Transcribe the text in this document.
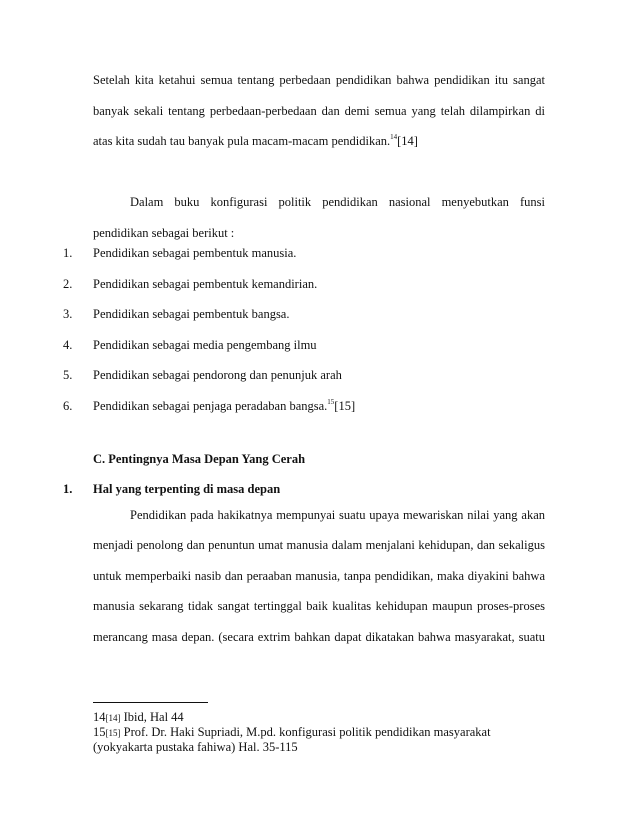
Setelah kita ketahui semua tentang perbedaan pendidikan bahwa pendidikan itu sangat
banyak sekali tentang perbedaan-perbedaan dan demi semua yang telah dilampirkan di
atas kita sudah tau banyak pula macam-macam pendidikan.$^{14}$[14]
Dalam buku konfigurasi politik pendidikan nasional menyebutkan funsi
pendidikan sebagai berikut :
1. Pendidikan sebagai pembentuk manusia.
2. Pendidikan sebagai pembentuk kemandirian.
3. Pendidikan sebagai pembentuk bangsa.
4. Pendidikan sebagai media pengembang ilmu
5. Pendidikan sebagai pendorong dan penunjuk arah
6. Pendidikan sebagai penjaga peradaban bangsa.$^{15}$[15]
C. Pentingnya Masa Depan Yang Cerah
1. Hal yang terpenting di masa depan
Pendidikan pada hakikatnya mempunyai suatu upaya mewariskan nilai yang akan
menjadi penolong dan penuntun umat manusia dalam menjalani kehidupan, dan sekaligus
untuk memperbaiki nasib dan peraaban manusia, tanpa pendidikan, maka diyakini bahwa
manusia sekarang tidak sangat tertinggal baik kualitas kehidupan maupun proses-proses
merancang masa depan. (secara extrim bahkan dapat dikatakan bahwa masyarakat, suatu
14[14] Ibid, Hal 44
15[15] Prof. Dr. Haki Supriadi, M.pd. konfigurasi politik pendidikan masyarakat
(yokyakarta pustaka fahiwa) Hal. 35-115
